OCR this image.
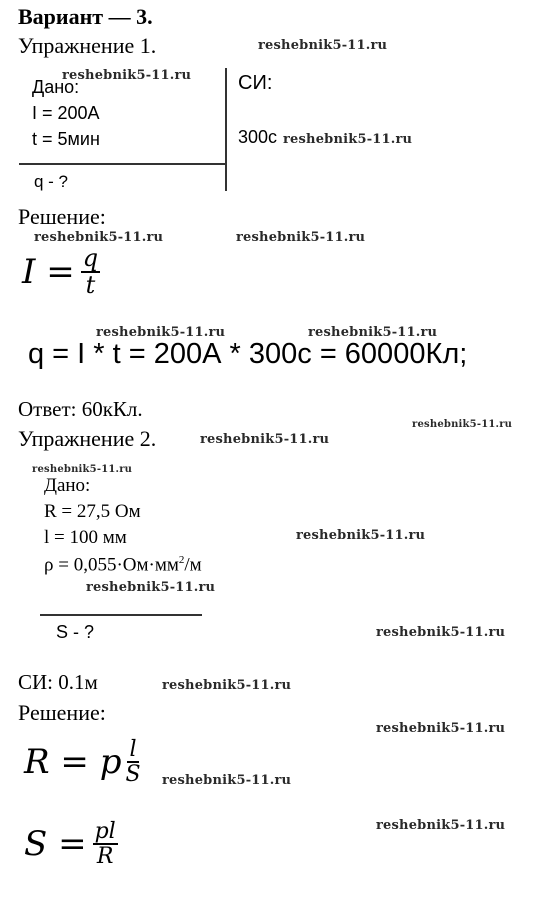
Вариант — 3.
Упражнение 1.	reshebnik5-11.ru
reshebnik5-11.ru
Дано:
I = 200А
t = 5мин
q - ?
СИ:
300с reshebnik5-11.ru
Решение:
reshebnik5-11.ru	reshebnik5-11.ru
$I = \frac{q}{t}$
reshebnik5-11.ru	reshebnik5-11.ru
q = I * t = 200А * 300с = 60000Кл;
Ответ: 60кКл.
reshebnik5-11.ru
Упражнение 2.	reshebnik5-11.ru
reshebnik5-11.ru
Дано:
R = 27,5 Ом
l = 100 мм	reshebnik5-11.ru
$\rho = 0,055\cdot Ом\cdot мм^2/м$
reshebnik5-11.ru
S - ?	reshebnik5-11.ru
СИ: 0.1м	reshebnik5-11.ru
Решение:
reshebnik5-11.ru
R = p $\frac{l}{S}$ reshebnik5-11.ru
reshebnik5-11.ru
$S = \frac{pl}{R}$
